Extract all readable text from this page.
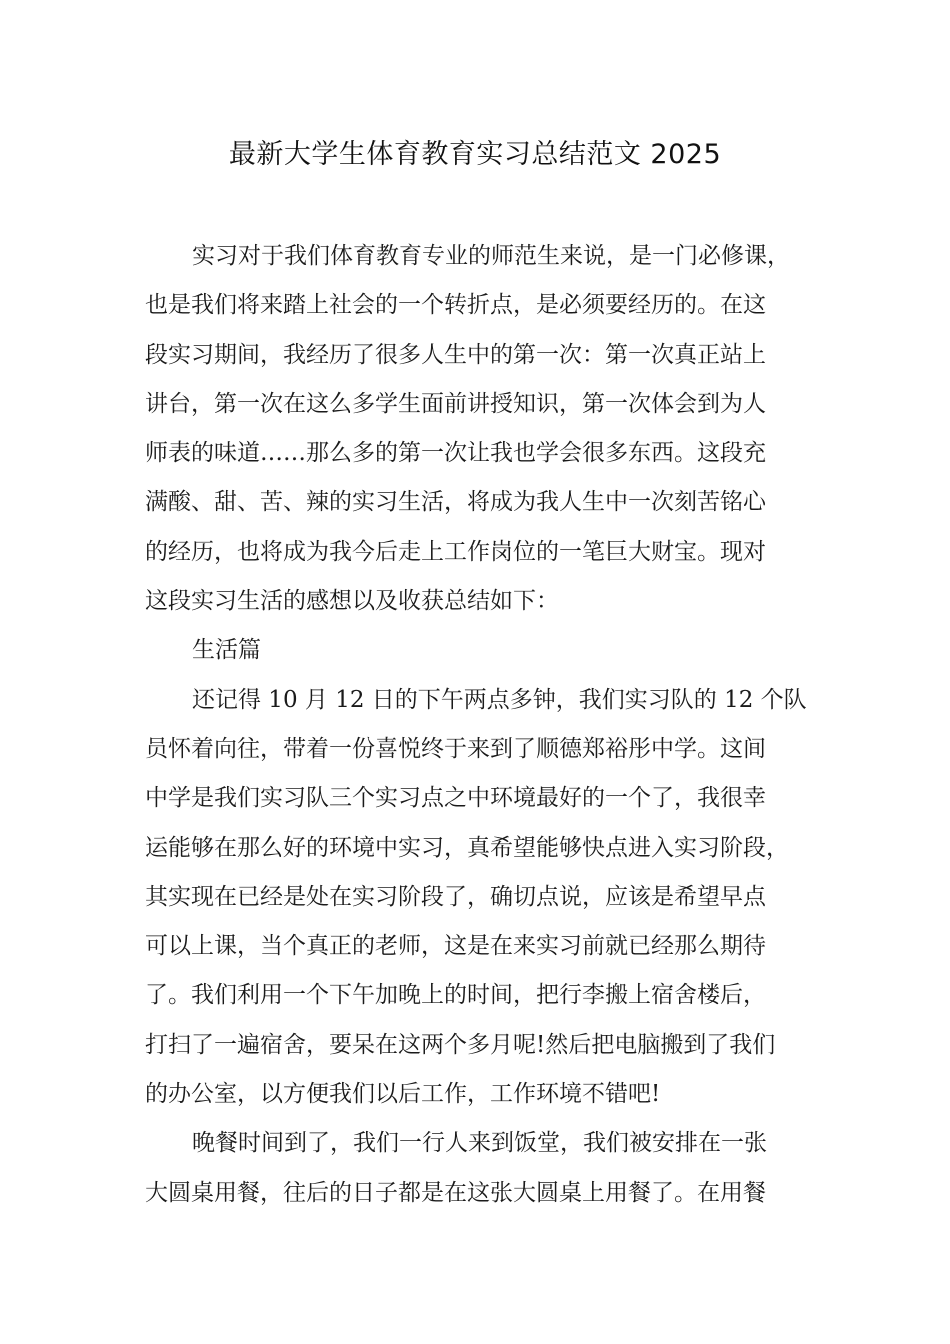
最新大学生体育教育实习总结范文 2025
实习对于我们体育教育专业的师范生来说，是一门必修课，
也是我们将来踏上社会的一个转折点，是必须要经历的。在这
段实习期间，我经历了很多人生中的第一次：第一次真正站上
讲台，第一次在这么多学生面前讲授知识，第一次体会到为人
师表的味道……那么多的第一次让我也学会很多东西。这段充
满酸、甜、苦、辣的实习生活，将成为我人生中一次刻苦铭心
的经历，也将成为我今后走上工作岗位的一笔巨大财宝。现对
这段实习生活的感想以及收获总结如下：
生活篇
还记得 10 月 12 日的下午两点多钟，我们实习队的 12 个队
员怀着向往，带着一份喜悦终于来到了顺德郑裕彤中学。这间
中学是我们实习队三个实习点之中环境最好的一个了，我很幸
运能够在那么好的环境中实习，真希望能够快点进入实习阶段，
其实现在已经是处在实习阶段了，确切点说，应该是希望早点
可以上课，当个真正的老师，这是在来实习前就已经那么期待
了。我们利用一个下午加晚上的时间，把行李搬上宿舍楼后，
打扫了一遍宿舍，要呆在这两个多月呢!然后把电脑搬到了我们
的办公室，以方便我们以后工作，工作环境不错吧!
晚餐时间到了，我们一行人来到饭堂，我们被安排在一张
大圆桌用餐，往后的日子都是在这张大圆桌上用餐了。在用餐
